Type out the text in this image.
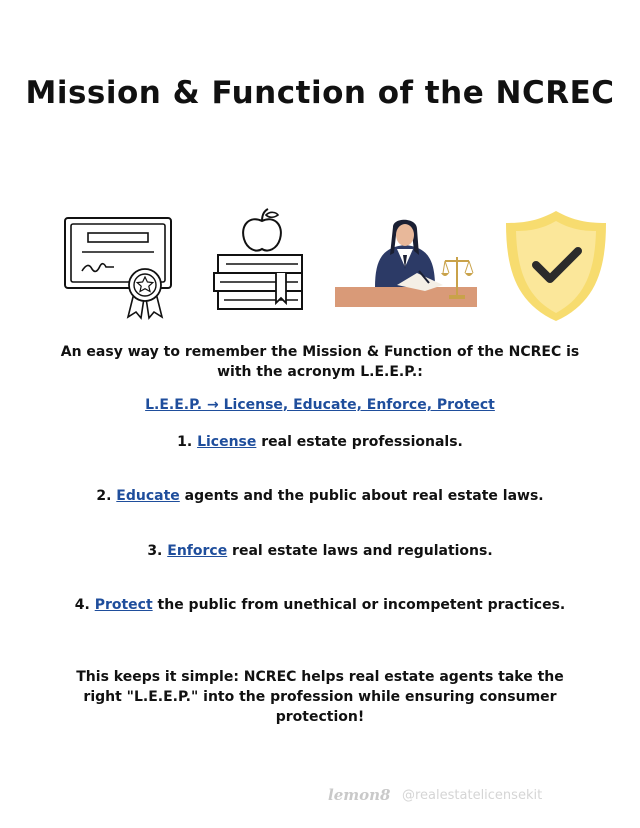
Mission & Function of the NCREC
An easy way to remember the Mission & Function of the NCREC is with the acronym L.E.E.P.:
L.E.E.P. → License, Educate, Enforce, Protect
1. License real estate professionals.
2. Educate agents and the public about real estate laws.
3. Enforce real estate laws and regulations.
4. Protect the public from unethical or incompetent practices.
This keeps it simple: NCREC helps real estate agents take the right "L.E.E.P." into the profession while ensuring consumer protection!
lemon8 @realestatelicensekit
